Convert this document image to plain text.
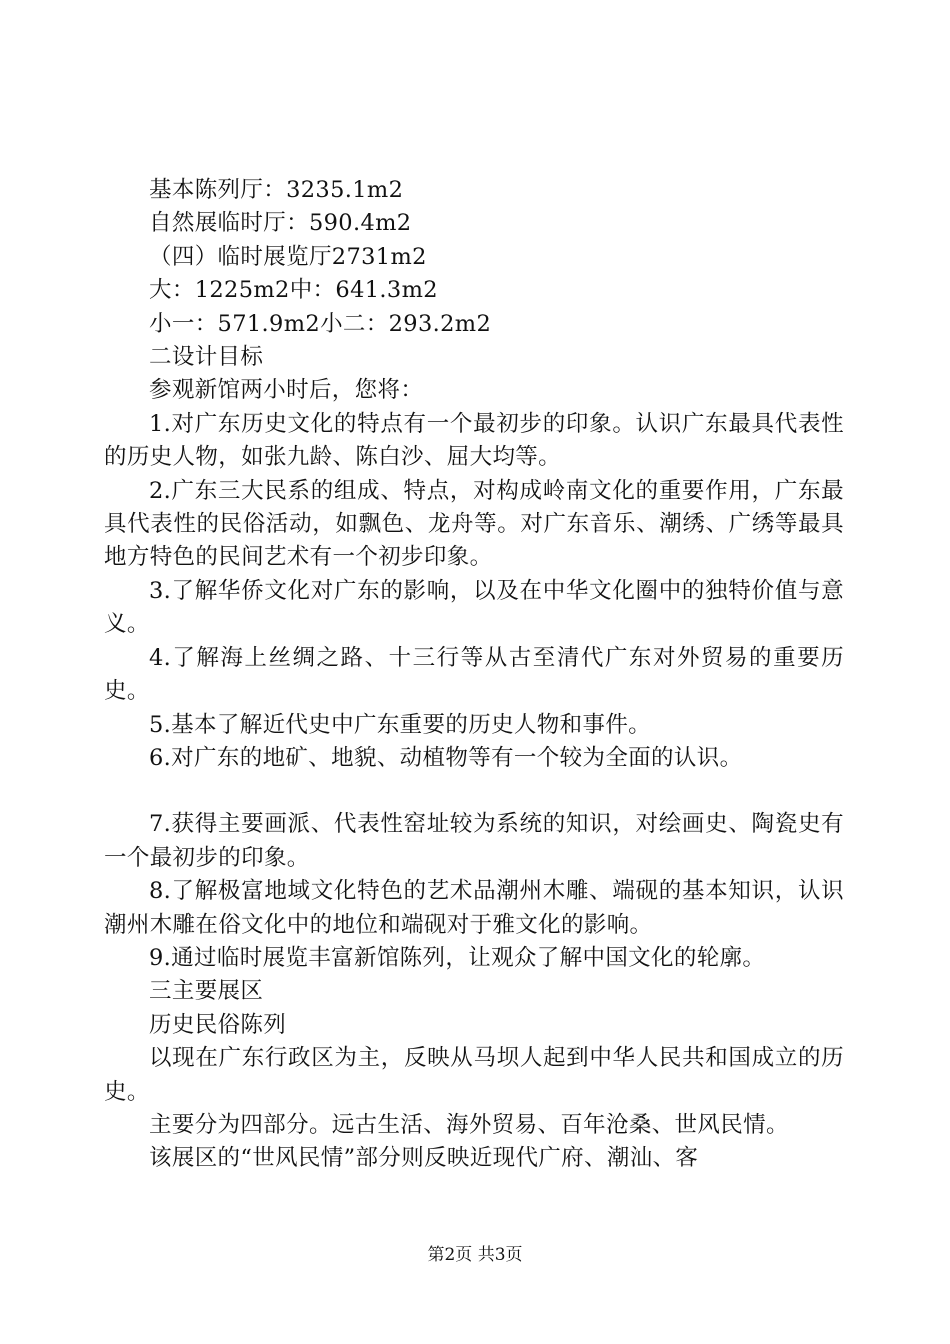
基本陈列厅：3235.1m2

自然展临时厅：590.4m2

（四）临时展览厅2731m2

大：1225m2中：641.3m2

小一：571.9m2小二：293.2m2

二设计目标

参观新馆两小时后，您将：

1.对广东历史文化的特点有一个最初步的印象。认识广东最具代表性的历史人物，如张九龄、陈白沙、屈大均等。

2.广东三大民系的组成、特点，对构成岭南文化的重要作用，广东最具代表性的民俗活动，如飘色、龙舟等。对广东音乐、潮绣、广绣等最具地方特色的民间艺术有一个初步印象。

3.了解华侨文化对广东的影响，以及在中华文化圈中的独特价值与意义。

4.了解海上丝绸之路、十三行等从古至清代广东对外贸易的重要历史。

5.基本了解近代史中广东重要的历史人物和事件。

6.对广东的地矿、地貌、动植物等有一个较为全面的认识。

7.获得主要画派、代表性窑址较为系统的知识，对绘画史、陶瓷史有一个最初步的印象。

8.了解极富地域文化特色的艺术品潮州木雕、端砚的基本知识，认识潮州木雕在俗文化中的地位和端砚对于雅文化的影响。

9.通过临时展览丰富新馆陈列，让观众了解中国文化的轮廓。

三主要展区

历史民俗陈列

以现在广东行政区为主，反映从马坝人起到中华人民共和国成立的历史。

主要分为四部分。远古生活、海外贸易、百年沧桑、世风民情。

该展区的“世风民情”部分则反映近现代广府、潮汕、客

第2页 共3页
